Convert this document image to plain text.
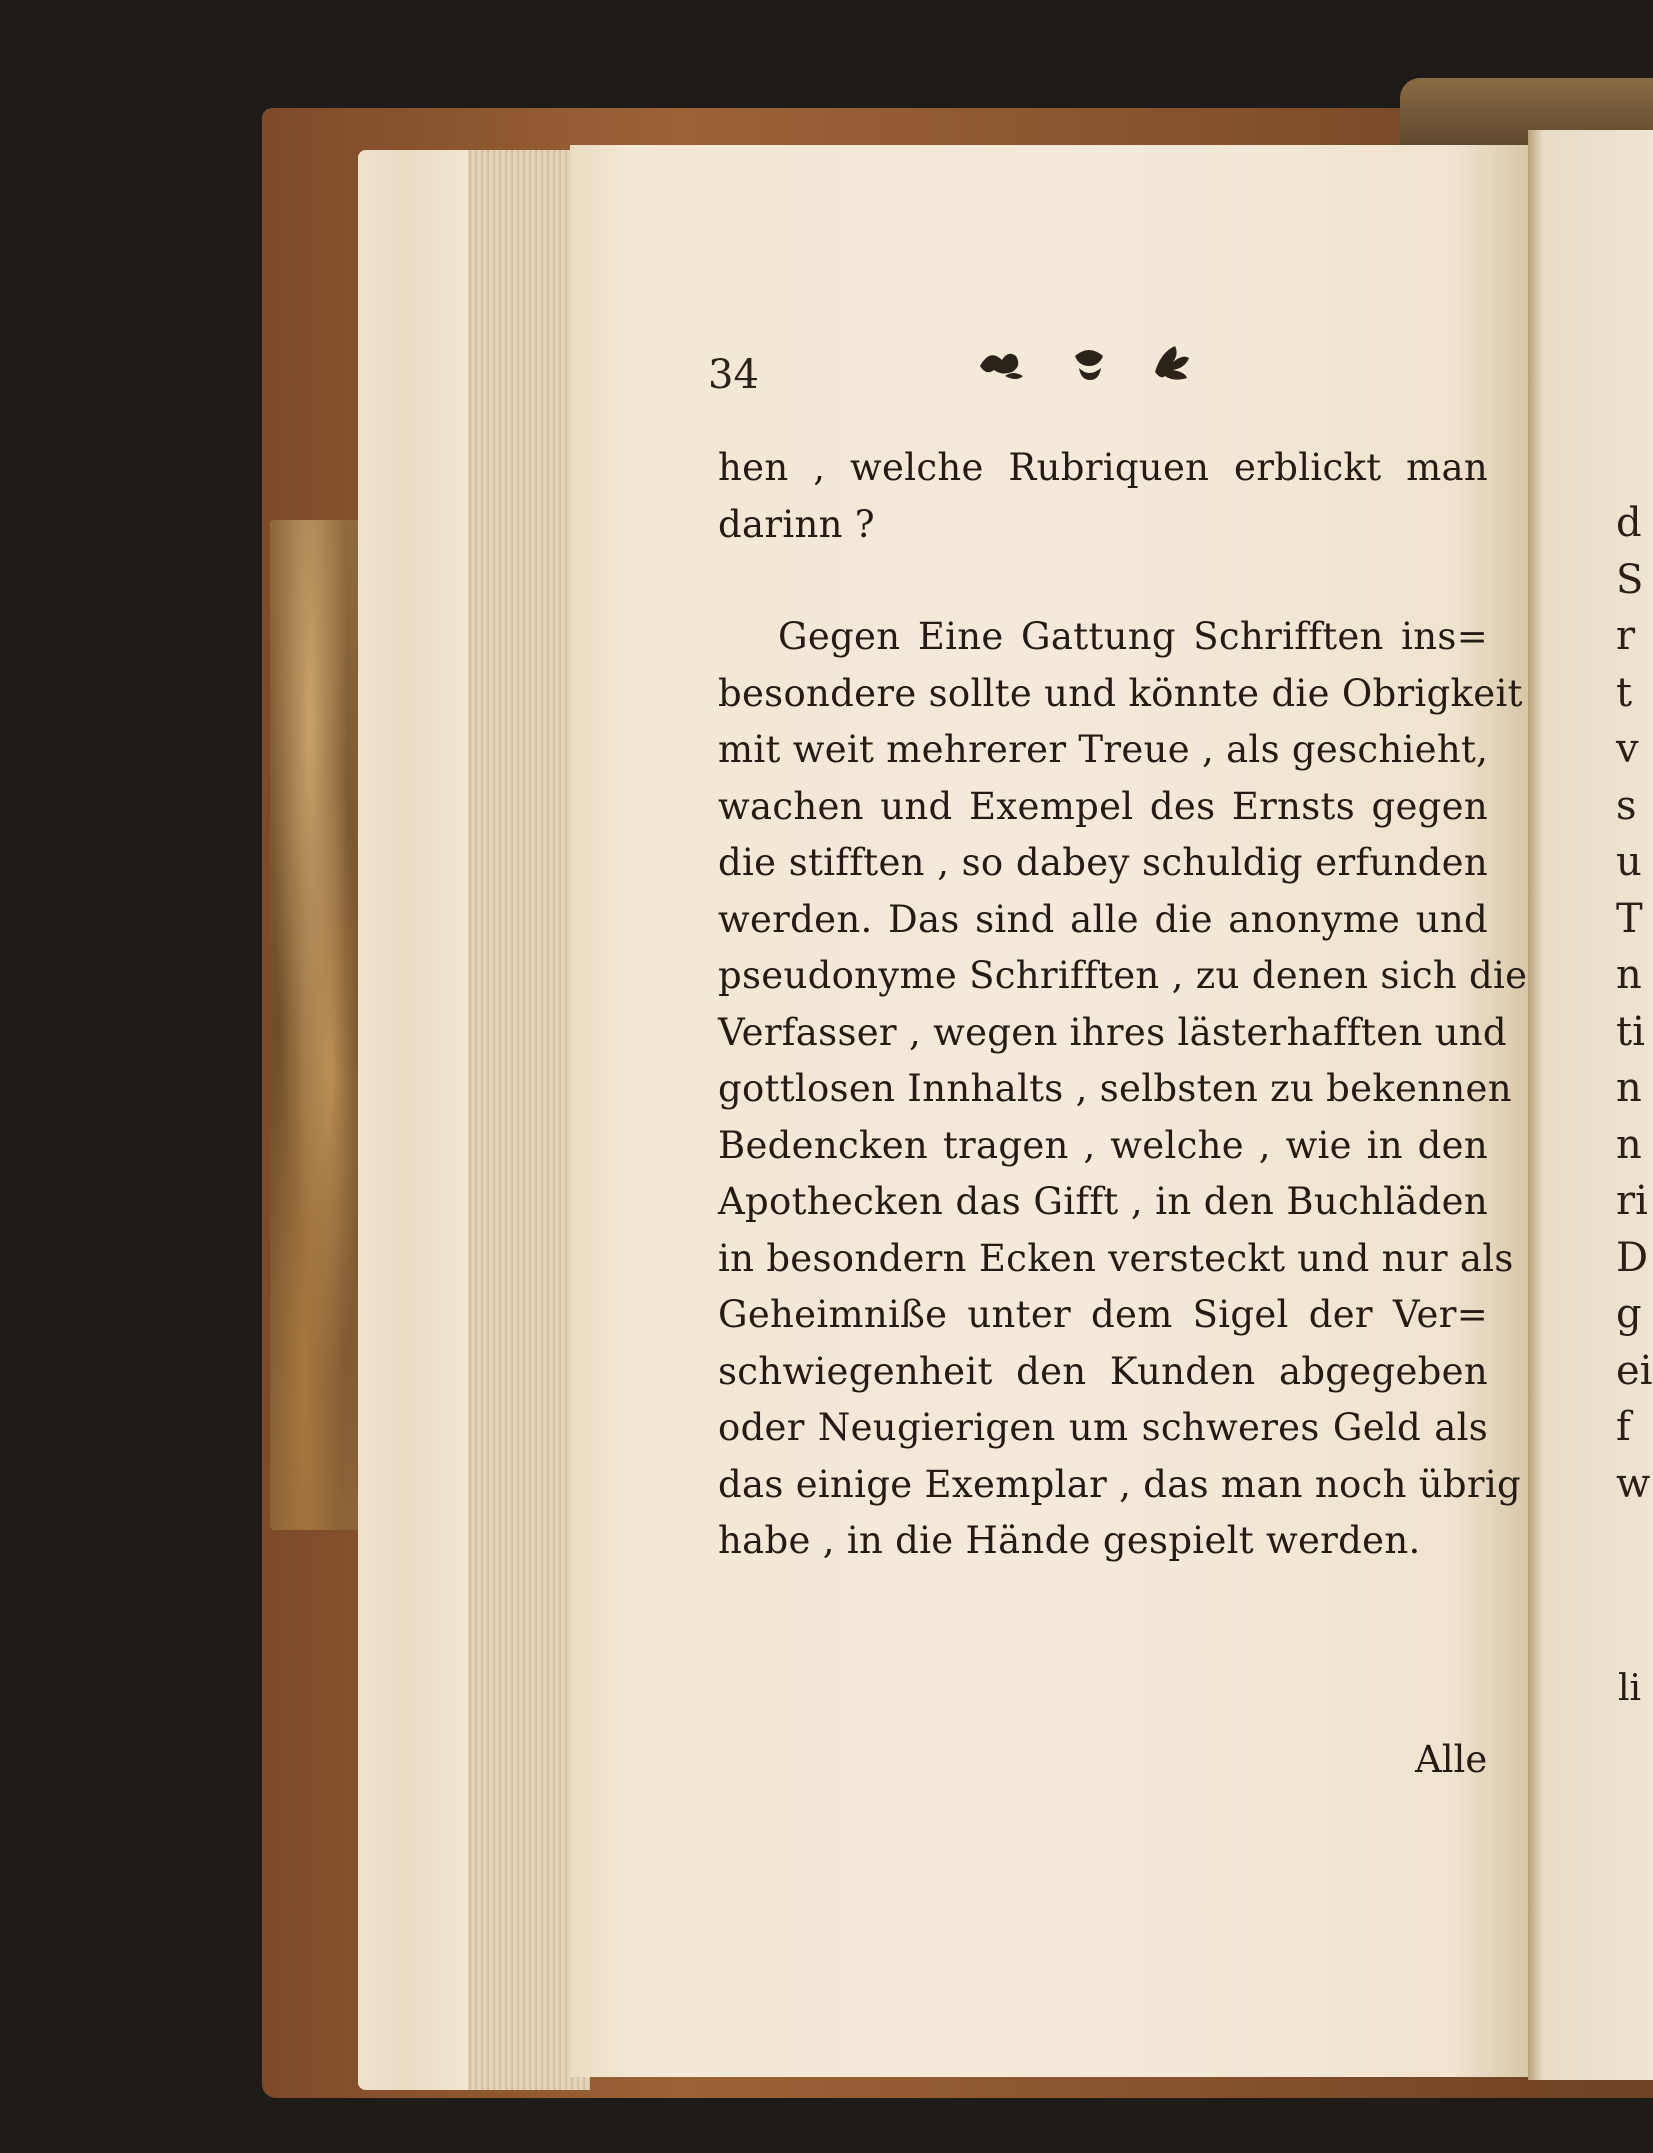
d
S
r
t
v
s
u
T
n
ti
n
n
ri
D
g
ei
f
w
li
34
hen , welche Rubriquen erblickt man
darinn ?
Gegen Eine Gattung Schrifften ins=
besondere sollte und könnte die Obrigkeit
mit weit mehrerer Treue , als geschieht,
wachen und Exempel des Ernsts gegen
die stifften , so dabey schuldig erfunden
werden. Das sind alle die anonyme und
pseudonyme Schrifften , zu denen sich die
Verfasser , wegen ihres lästerhafften und
gottlosen Innhalts , selbsten zu bekennen
Bedencken tragen , welche , wie in den
Apothecken das Gifft , in den Buchläden
in besondern Ecken versteckt und nur als
Geheimniße unter dem Sigel der Ver=
schwiegenheit den Kunden abgegeben
oder Neugierigen um schweres Geld als
das einige Exemplar , das man noch übrig
habe , in die Hände gespielt werden.
Alle
